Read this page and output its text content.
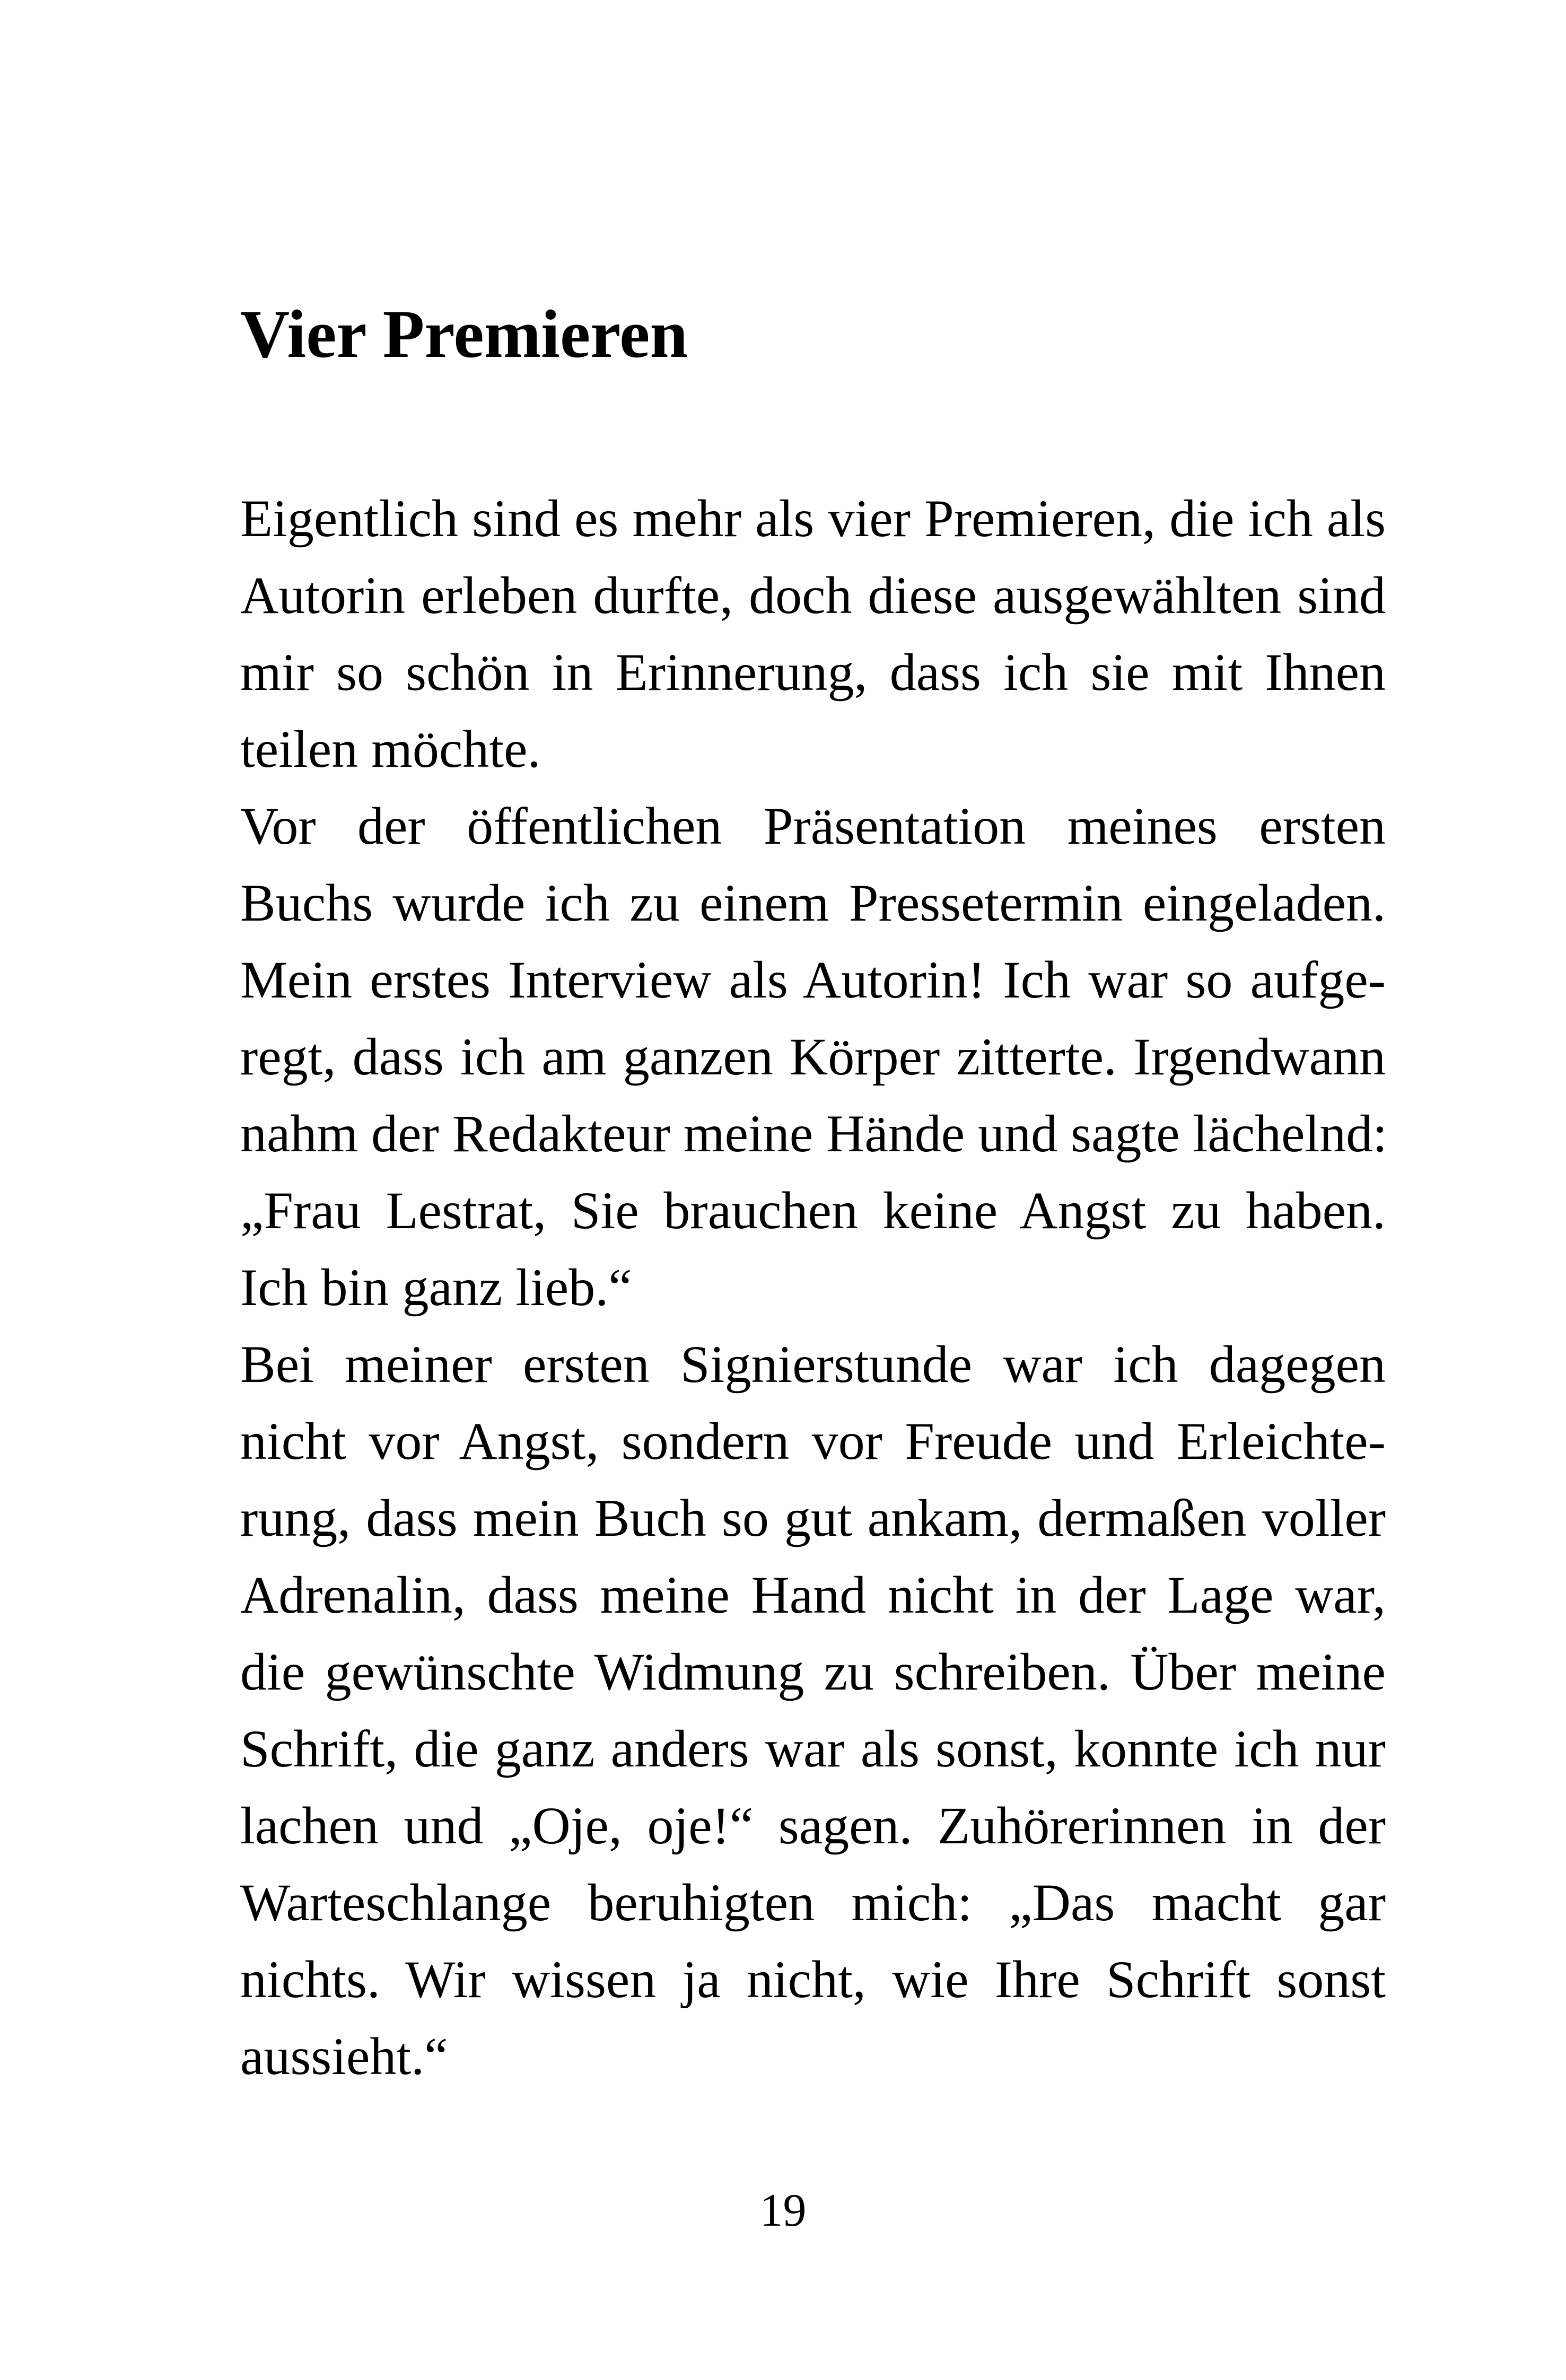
Vier Premieren
Eigentlich sind es mehr als vier Premieren, die ich als
Autorin erleben durfte, doch diese ausgewählten sind
mir so schön in Erinnerung, dass ich sie mit Ihnen
teilen möchte.
Vor der öffentlichen Präsentation meines ersten
Buchs wurde ich zu einem Pressetermin eingeladen.
Mein erstes Interview als Autorin! Ich war so aufge-
regt, dass ich am ganzen Körper zitterte. Irgendwann
nahm der Redakteur meine Hände und sagte lächelnd:
„Frau Lestrat, Sie brauchen keine Angst zu haben.
Ich bin ganz lieb.“
Bei meiner ersten Signierstunde war ich dagegen
nicht vor Angst, sondern vor Freude und Erleichte-
rung, dass mein Buch so gut ankam, dermaßen voller
Adrenalin, dass meine Hand nicht in der Lage war,
die gewünschte Widmung zu schreiben. Über meine
Schrift, die ganz anders war als sonst, konnte ich nur
lachen und „Oje, oje!“ sagen. Zuhörerinnen in der
Warteschlange beruhigten mich: „Das macht gar
nichts. Wir wissen ja nicht, wie Ihre Schrift sonst
aussieht.“
19
